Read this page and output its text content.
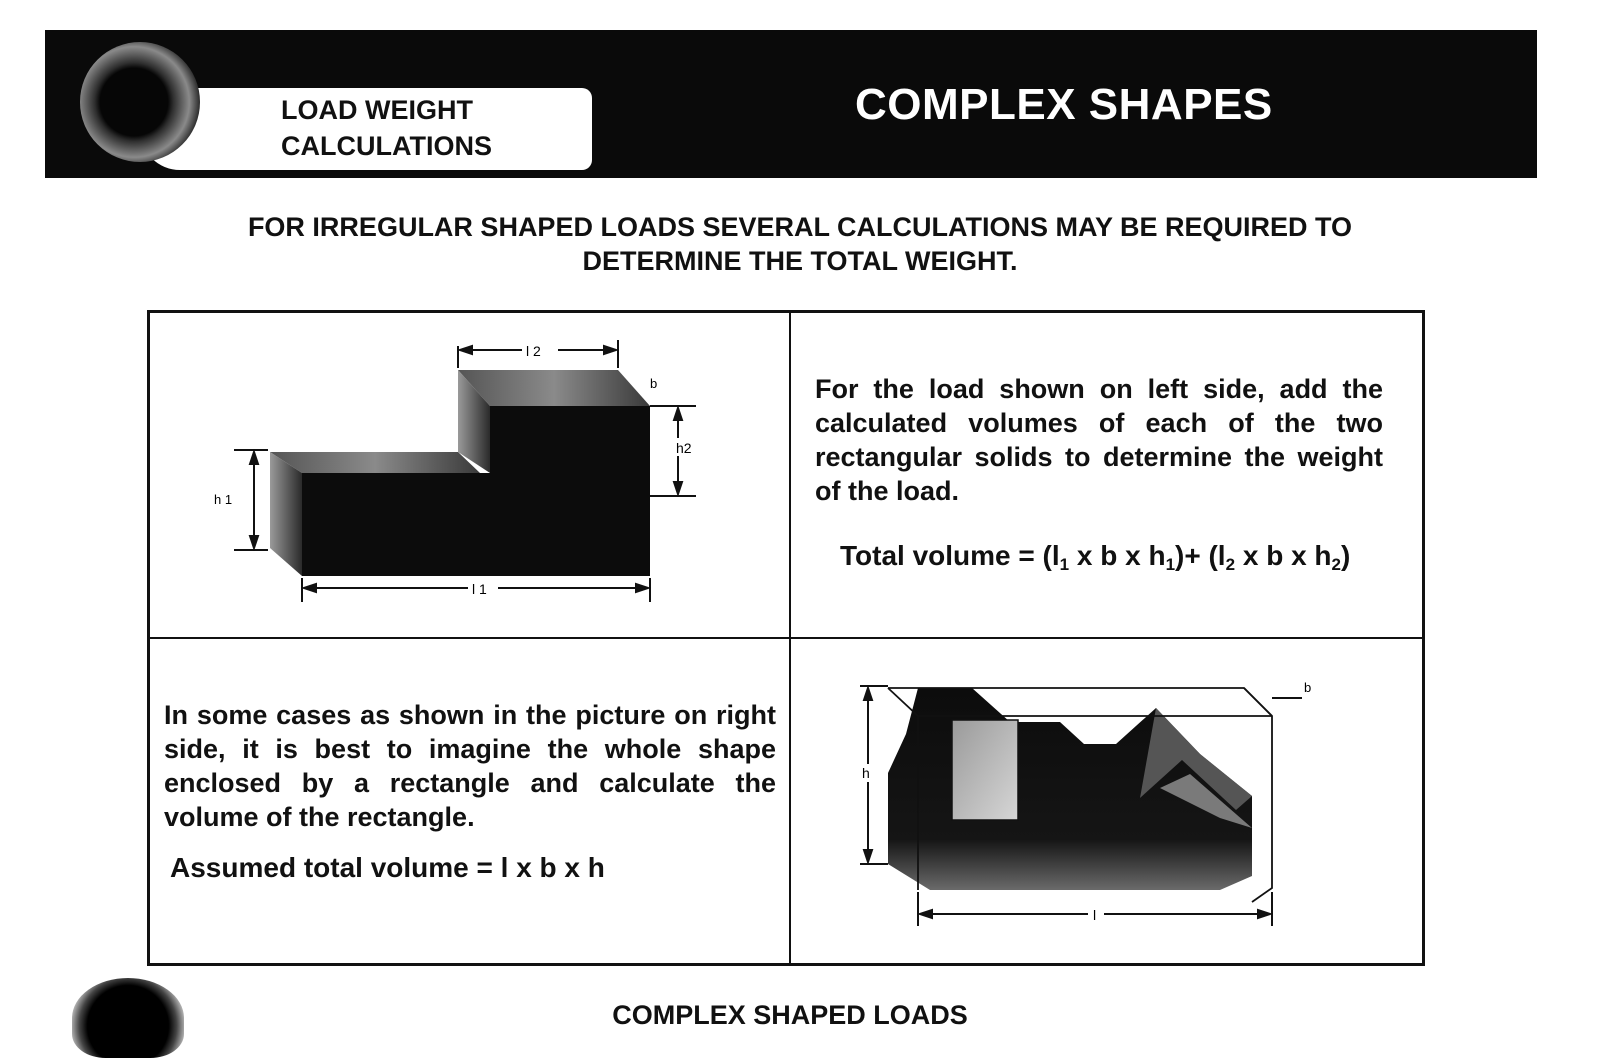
LOAD WEIGHT
CALCULATIONS
COMPLEX SHAPES
FOR IRREGULAR SHAPED LOADS SEVERAL CALCULATIONS MAY BE REQUIRED TO
DETERMINE THE TOTAL WEIGHT.
l 2
b
h2
h 1
l 1
For the load shown on left side, add the calculated volumes of each of the two rectangular solids to determine the weight of the load.
Total volume = ($l_1$ x b x $h_1)+ (l_2$ x b x $h_2$)
In some cases as shown in the picture on right side, it is best to imagine the whole shape enclosed by a rectangle and calculate the volume of the rectangle.
Assumed total volume = l x b x h
h
b
l
COMPLEX SHAPED LOADS
